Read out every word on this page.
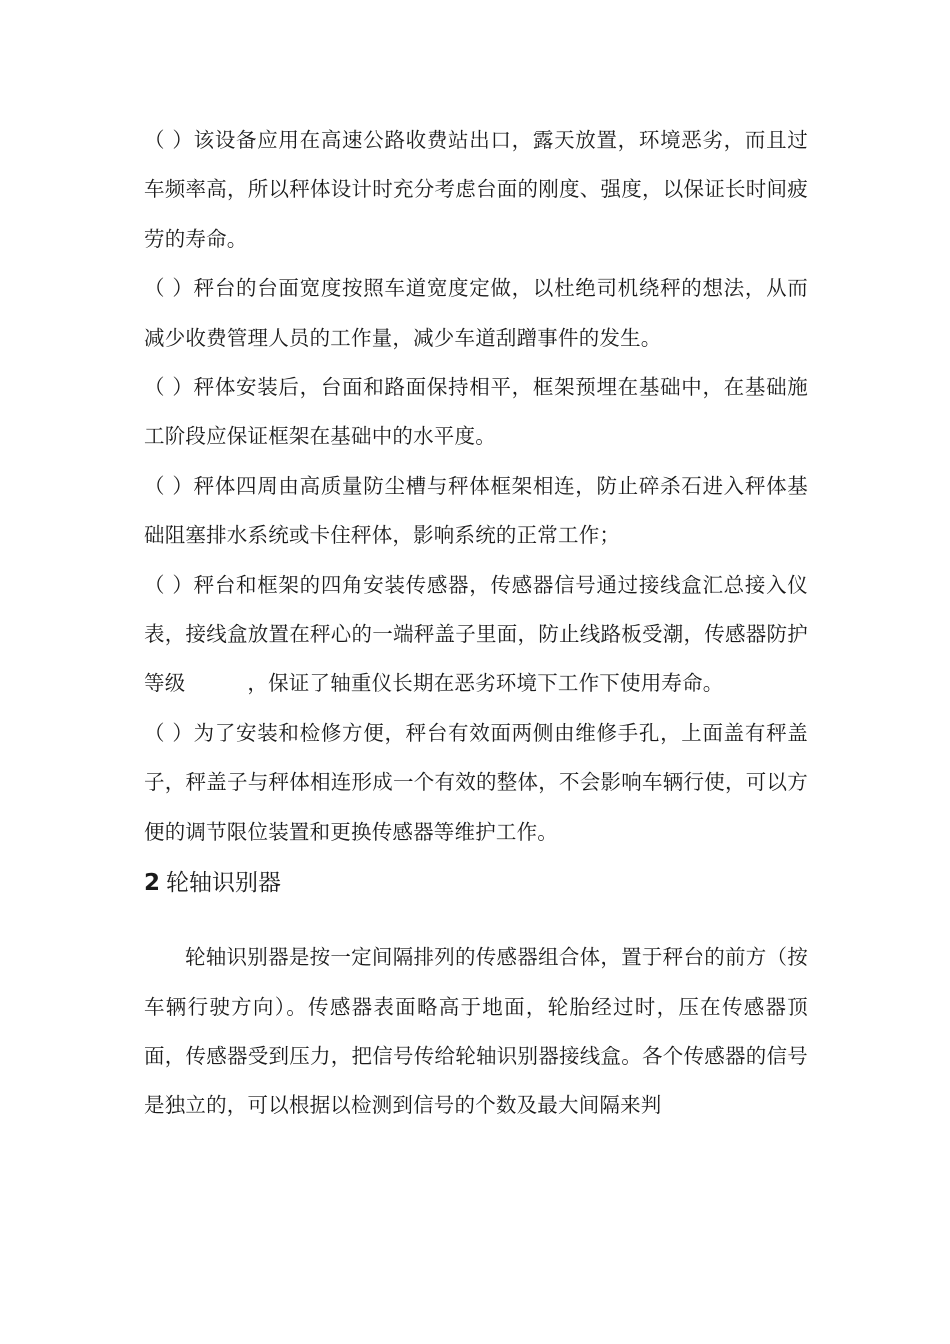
（ ）该设备应用在高速公路收费站出口，露天放置，环境恶劣，而且过车频率高，所以秤体设计时充分考虑台面的刚度、强度，以保证长时间疲劳的寿命。

（ ）秤台的台面宽度按照车道宽度定做，以杜绝司机绕秤的想法，从而减少收费管理人员的工作量，减少车道刮蹭事件的发生。

（ ）秤体安装后，台面和路面保持相平，框架预埋在基础中，在基础施工阶段应保证框架在基础中的水平度。

（ ）秤体四周由高质量防尘槽与秤体框架相连，防止碎杀石进入秤体基础阻塞排水系统或卡住秤体，影响系统的正常工作；

（ ）秤台和框架的四角安装传感器，传感器信号通过接线盒汇总接入仪表，接线盒放置在秤心的一端秤盖子里面，防止线路板受潮，传感器防护等级	，保证了轴重仪长期在恶劣环境下工作下使用寿命。

（ ）为了安装和检修方便，秤台有效面两侧由维修手孔，上面盖有秤盖子，秤盖子与秤体相连形成一个有效的整体，不会影响车辆行使，可以方便的调节限位装置和更换传感器等维护工作。

2 轮轴识别器

轮轴识别器是按一定间隔排列的传感器组合体，置于秤台的前方（按车辆行驶方向）。传感器表面略高于地面，轮胎经过时，压在传感器顶面，传感器受到压力，把信号传给轮轴识别器接线盒。各个传感器的信号是独立的，可以根据以检测到信号的个数及最大间隔来判
